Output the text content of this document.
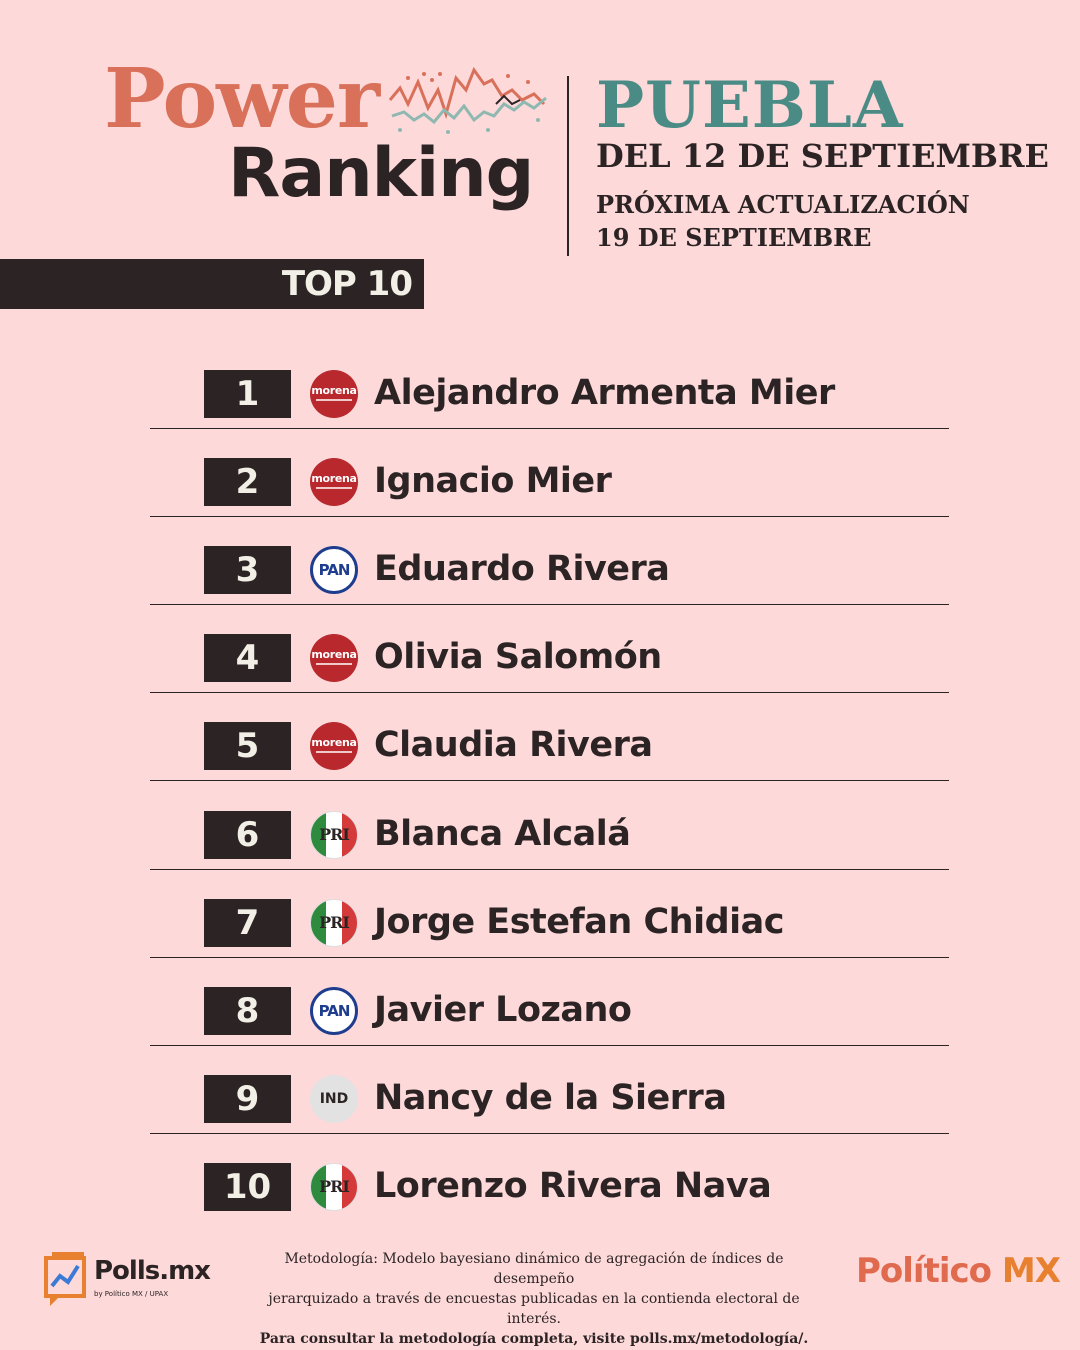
Power
Ranking
PUEBLA
DEL 12 DE SEPTIEMBRE
PRÓXIMA ACTUALIZACIÓN
19 DE SEPTIEMBRE
TOP 10
1	morena Alejandro Armenta Mier
2	morena Ignacio Mier
3	PAN Eduardo Rivera
4	morena Olivia Salomón
5	morena Claudia Rivera
6	PRI Blanca Alcalá
7	PRI Jorge Estefan Chidiac
8	PAN Javier Lozano
9	IND Nancy de la Sierra
10	PRI Lorenzo Rivera Nava
Polls.mx
by Político MX / UPAX
Metodología: Modelo bayesiano dinámico de agregación de índices de desempeño
jerarquizado a través de encuestas publicadas en la contienda electoral de interés.
Para consultar la metodología completa, visite polls.mx/metodología/.
Político MX
